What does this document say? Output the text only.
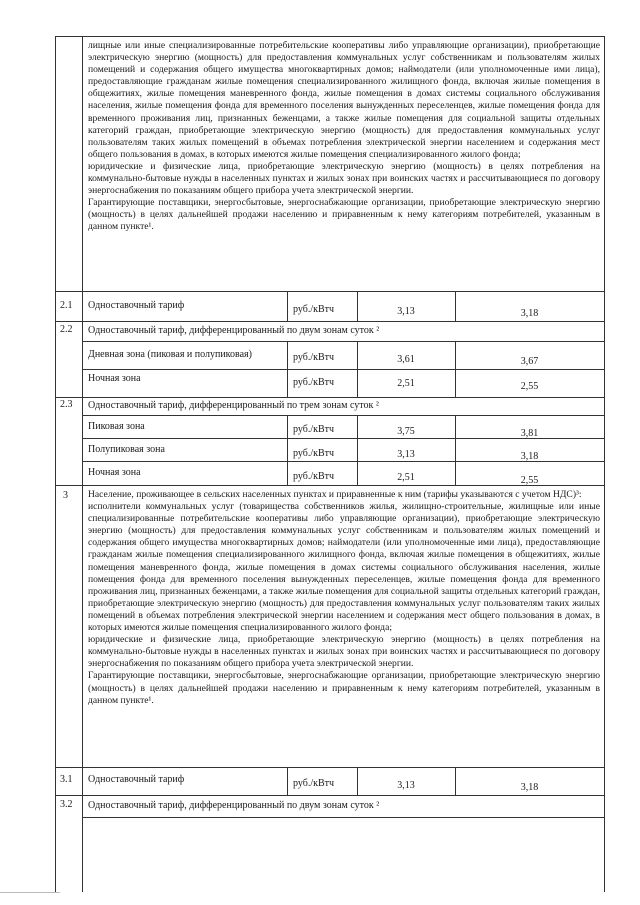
лищные или иные специализированные потребительские кооперативы либо управляющие организации), приобретающие электрическую энергию (мощность) для предоставления коммунальных услуг собственникам и пользователям жилых помещений и содержания общего имущества многоквартирных домов; наймодатели (или уполномоченные ими лица), предоставляющие гражданам жилые помещения специализированного жилищного фонда, включая жилые помещения в общежитиях, жилые помещения маневренного фонда, жилые помещения в домах системы социального обслуживания населения, жилые помещения фонда для временного поселения вынужденных переселенцев, жилые помещения фонда для временного проживания лиц, признанных беженцами, а также жилые помещения для социальной защиты отдельных категорий граждан, приобретающие электрическую энергию (мощность) для предоставления коммунальных услуг пользователям таких жилых помещений в объемах потребления электрической энергии населением и содержания мест общего пользования в домах, в которых имеются жилые помещения специализированного жилого фонда;
юридические и физические лица, приобретающие электрическую энергию (мощность) в целях потребления на коммунально-бытовые нужды в населенных пунктах и жилых зонах при воинских частях и рассчитывающиеся по договору энергоснабжения по показаниям общего прибора учета электрической энергии.
Гарантирующие поставщики, энергосбытовые, энергоснабжающие организации, приобретающие электрическую энергию (мощность) в целях дальнейшей продажи населению и приравненным к нему категориям потребителей, указанным в данном пункте¹.
2.1 Одноставочный тариф	руб./кВтч	3,13	3,18
2.2 Одноставочный тариф, дифференцированный по двум зонам суток ²
Дневная зона (пиковая и полупиковая)	руб./кВтч	3,61	3,67
Ночная зона	руб./кВтч	2,51	2,55
2.3 Одноставочный тариф, дифференцированный по трем зонам суток ²
Пиковая зона	руб./кВтч	3,75	3,81
Полупиковая зона	руб./кВтч	3,13	3,18
Ночная зона	руб./кВтч	2,51	2,55
3 Население, проживающее в сельских населенных пунктах и приравненные к ним (тарифы указываются с учетом НДС)³:
исполнители коммунальных услуг (товарищества собственников жилья, жилищно-строительные, жилищные или иные специализированные потребительские кооперативы либо управляющие организации), приобретающие электрическую энергию (мощность) для предоставления коммунальных услуг собственникам и пользователям жилых помещений и содержания общего имущества многоквартирных домов; наймодатели (или уполномоченные ими лица), предоставляющие гражданам жилые помещения специализированного жилищного фонда, включая жилые помещения в общежитиях, жилые помещения маневренного фонда, жилые помещения в домах системы социального обслуживания населения, жилые помещения фонда для временного поселения вынужденных переселенцев, жилые помещения фонда для временного проживания лиц, признанных беженцами, а также жилые помещения для социальной защиты отдельных категорий граждан, приобретающие электрическую энергию (мощность) для предоставления коммунальных услуг пользователям таких жилых помещений в объемах потребления электрической энергии населением и содержания мест общего пользования в домах, в которых имеются жилые помещения специализированного жилого фонда;
юридические и физические лица, приобретающие электрическую энергию (мощность) в целях потребления на коммунально-бытовые нужды в населенных пунктах и жилых зонах при воинских частях и рассчитывающиеся по договору энергоснабжения по показаниям общего прибора учета электрической энергии.
Гарантирующие поставщики, энергосбытовые, энергоснабжающие организации, приобретающие электрическую энергию (мощность) в целях дальнейшей продажи населению и приравненным к нему категориям потребителей, указанным в данном пункте¹.
3.1 Одноставочный тариф	руб./кВтч	3,13	3,18
3.2 Одноставочный тариф, дифференцированный по двум зонам суток ²
